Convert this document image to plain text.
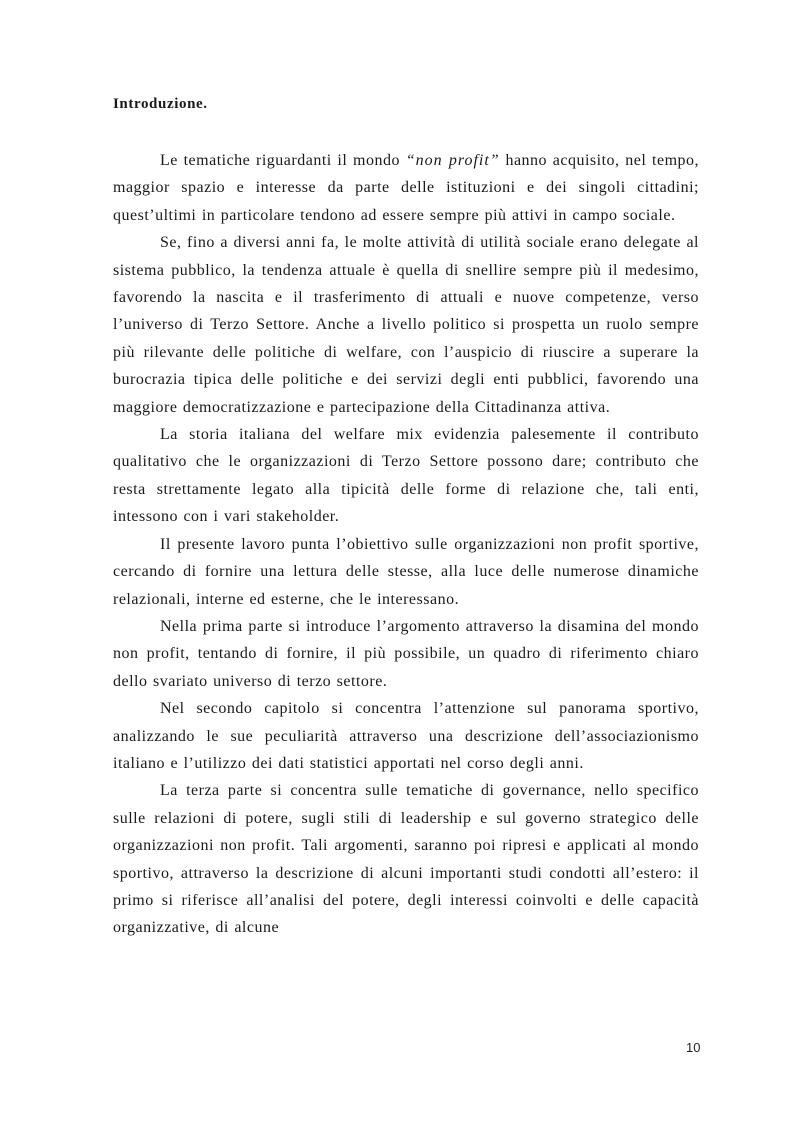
Introduzione.

Le tematiche riguardanti il mondo “non profit” hanno acquisito, nel tempo, maggior spazio e interesse da parte delle istituzioni e dei singoli cittadini; quest’ultimi in particolare tendono ad essere sempre più attivi in campo sociale.

Se, fino a diversi anni fa, le molte attività di utilità sociale erano delegate al sistema pubblico, la tendenza attuale è quella di snellire sempre più il medesimo, favorendo la nascita e il trasferimento di attuali e nuove competenze, verso l’universo di Terzo Settore. Anche a livello politico si prospetta un ruolo sempre più rilevante delle politiche di welfare, con l’auspicio di riuscire a superare la burocrazia tipica delle politiche e dei servizi degli enti pubblici, favorendo una maggiore democratizzazione e partecipazione della Cittadinanza attiva.

La storia italiana del welfare mix evidenzia palesemente il contributo qualitativo che le organizzazioni di Terzo Settore possono dare; contributo che resta strettamente legato alla tipicità delle forme di relazione che, tali enti, intessono con i vari stakeholder.

Il presente lavoro punta l’obiettivo sulle organizzazioni non profit sportive, cercando di fornire una lettura delle stesse, alla luce delle numerose dinamiche relazionali, interne ed esterne, che le interessano.

Nella prima parte si introduce l’argomento attraverso la disamina del mondo non profit, tentando di fornire, il più possibile, un quadro di riferimento chiaro dello svariato universo di terzo settore.

Nel secondo capitolo si concentra l’attenzione sul panorama sportivo, analizzando le sue peculiarità attraverso una descrizione dell’associazionismo italiano e l’utilizzo dei dati statistici apportati nel corso degli anni.

La terza parte si concentra sulle tematiche di governance, nello specifico sulle relazioni di potere, sugli stili di leadership e sul governo strategico delle organizzazioni non profit. Tali argomenti, saranno poi ripresi e applicati al mondo sportivo, attraverso la descrizione di alcuni importanti studi condotti all’estero: il primo si riferisce all’analisi del potere, degli interessi coinvolti e delle capacità organizzative, di alcune

10
